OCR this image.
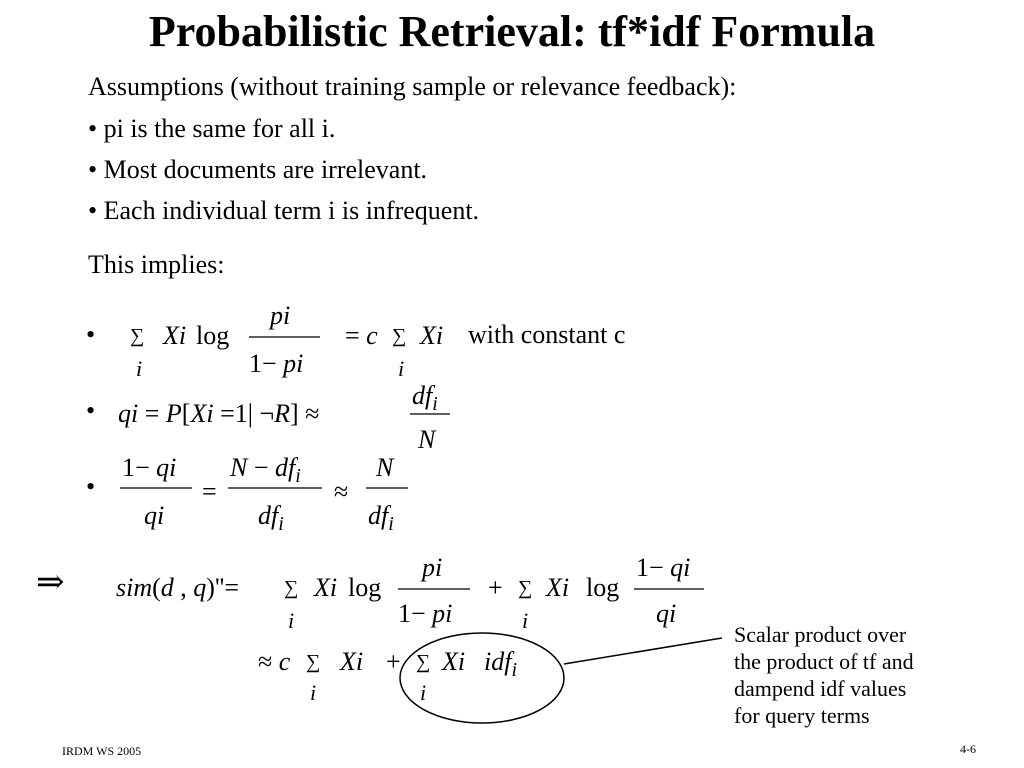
Probabilistic Retrieval: tf*idf Formula
Assumptions (without training sample or relevance feedback):
• pi is the same for all i.
• Most documents are irrelevant.
• Each individual term i is infrequent.
This implies:
•
•
•
⇒
with constant c
∑
i
Xi log
pi
1− pi
= c ∑
i
Xi
qi = P[Xi =1| ¬R] ≈
$df_i$
N
1− qi
qi
=
$N - df_i$
$df_i$
≈
N
$df_i$
sim(d , q)''= ∑
i
Xi log
pi
1− pi
+ ∑
i
Xi log
1− qi
qi
≈ c ∑
i
Xi + ∑
i
Xi idf$_i$
Scalar product over
the product of tf and
dampend idf values
for query terms
IRDM WS 2005	4-6
